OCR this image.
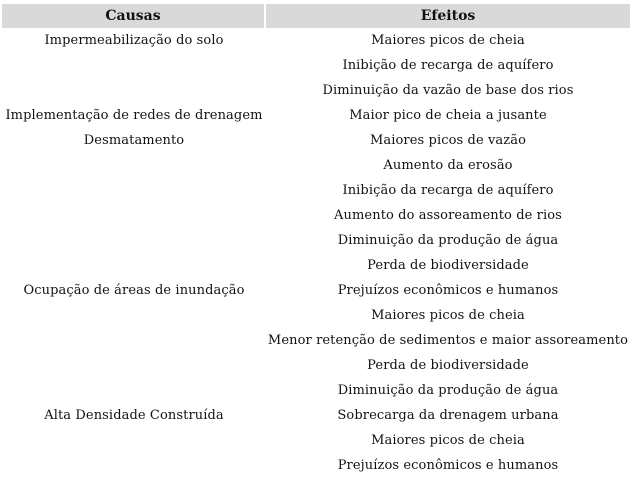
Causas	Efeitos
Impermeabilização do solo	Maiores picos de cheia
	Inibição de recarga de aquífero
	Diminuição da vazão de base dos rios
Implementação de redes de drenagem	Maior pico de cheia a jusante
Desmatamento	Maiores picos de vazão
	Aumento da erosão
	Inibição da recarga de aquífero
	Aumento do assoreamento de rios
	Diminuição da produção de água
	Perda de biodiversidade
Ocupação de áreas de inundação	Prejuízos econômicos e humanos
	Maiores picos de cheia
	Menor retenção de sedimentos e maior assoreamento
	Perda de biodiversidade
	Diminuição da produção de água
Alta Densidade Construída	Sobrecarga da drenagem urbana
	Maiores picos de cheia
	Prejuízos econômicos e humanos
